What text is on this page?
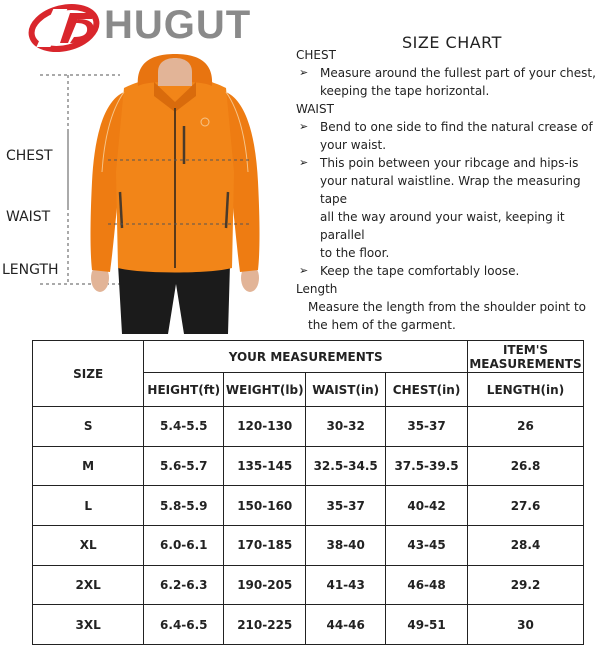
HUGUT
CHEST
WAIST
LENGTH
SIZE CHART

CHEST

➢ Measure around the fullest part of your chest,

keeping the tape horizontal.

WAIST

➢ Bend to one side to find the natural crease of

your waist.

➢ This poin between your ribcage and hips-is

your natural waistline. Wrap the measuring tape

all the way around your waist, keeping it parallel

to the floor.

➢ Keep the tape comfortably loose.

Length

Measure the length from the shoulder point to

the hem of the garment.

SIZE	YOUR MEASUREMENTS				ITEM'S MEASUREMENTS
	HEIGHT(ft)	WEIGHT(lb)	WAIST(in)	CHEST(in)	LENGTH(in)
S	5.4-5.5	120-130	30-32	35-37	26
M	5.6-5.7	135-145	32.5-34.5	37.5-39.5	26.8
L	5.8-5.9	150-160	35-37	40-42	27.6
XL	6.0-6.1	170-185	38-40	43-45	28.4
2XL	6.2-6.3	190-205	41-43	46-48	29.2
3XL	6.4-6.5	210-225	44-46	49-51	30
